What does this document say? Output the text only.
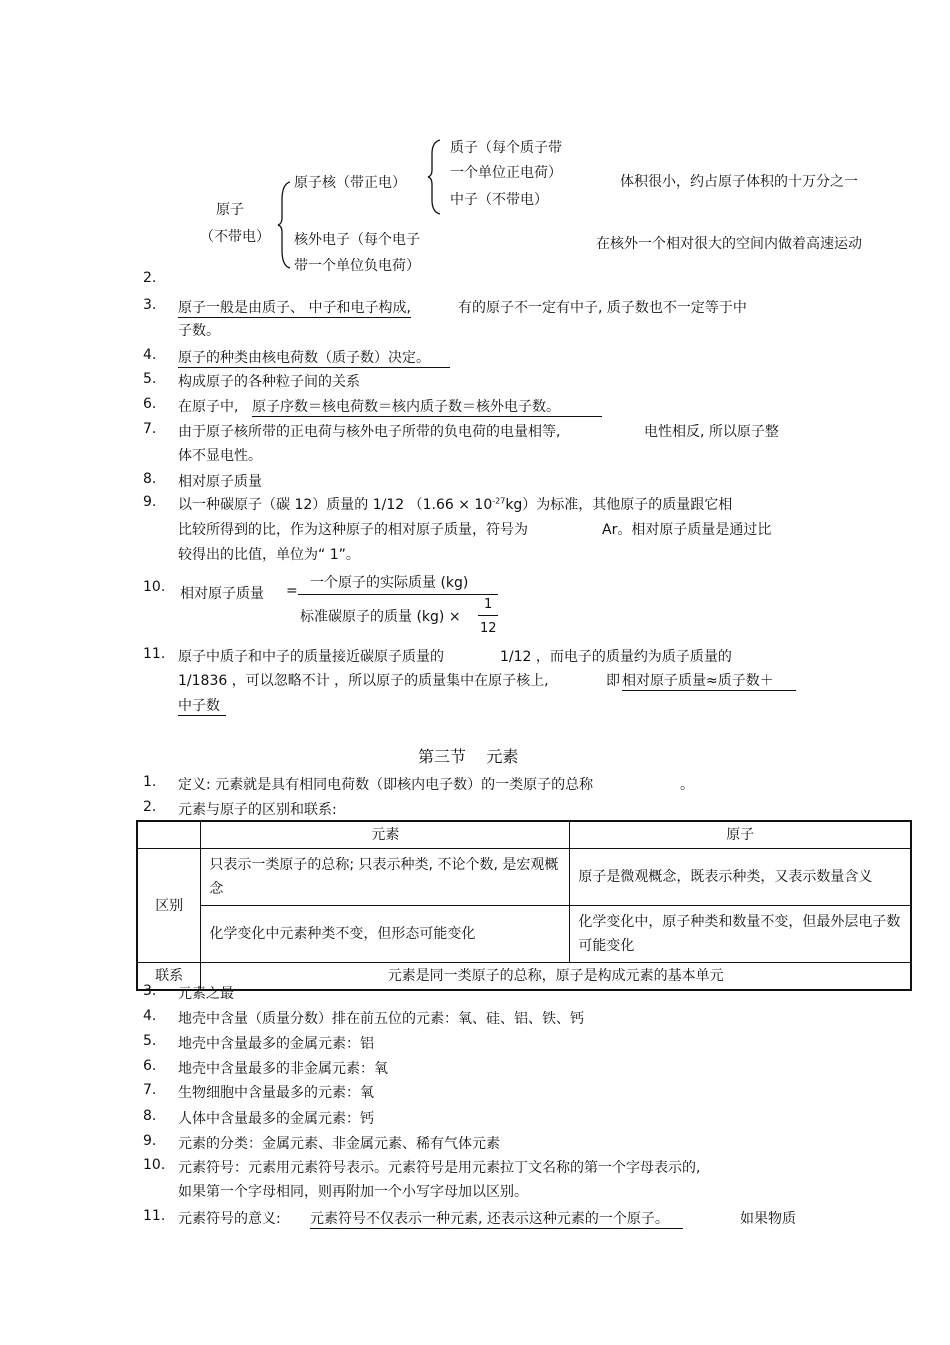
原子
（不带电）
原子核（带正电）
质子（每个质子带
一个单位正电荷）
中子（不带电）
体积很小，约占原子体积的十万分之一
核外电子（每个电子
带一个单位负电荷）
在核外一个相对很大的空间内做着高速运动
2.
3. 原子一般是由质子、 中子和电子构成,	有的原子不一定有中子, 质子数也不一定等于中
子数。
4. 原子的种类由核电荷数（质子数）决定。
5. 构成原子的各种粒子间的关系
6. 在原子中, 原子序数＝核电荷数＝核内质子数＝核外电子数。
7. 由于原子核所带的正电荷与核外电子所带的负电荷的电量相等,	电性相反, 所以原子整
体不显电性。
8. 相对原子质量
9. 以一种碳原子（碳 12）质量的 1/12 $(1.66 \times 10^{-27}kg)$为标准，其他原子的质量跟它相
比较所得到的比，作为这种原子的相对原子质量，符号为	Ar。相对原子质量是通过比
较得出的比值，单位为“ 1”。
10. 相对原子质量 = 一个原子的实际质量 (kg)
标准碳原子的质量 (kg) ×
1
12
11. 原子中质子和中子的质量接近碳原子质量的	1/12 ，而电子的质量约为质子质量的
1/1836 ，可以忽略不计 ，所以原子的质量集中在原子核上,	即 相对原子质量≈质子数＋
中子数
第三节    元素
1. 定义: 元素就是具有相同电荷数（即核内电子数）的一类原子的总称	。
2. 元素与原子的区别和联系:
	元素	原子
区别	只表示一类原子的总称; 只表示种类, 不论个数, 是宏观概念	原子是微观概念，既表示种类，又表示数量含义
	化学变化中元素种类不变，但形态可能变化	化学变化中，原子种类和数量不变，但最外层电子数可能变化
联系	元素是同一类原子的总称，原子是构成元素的基本单元	
3. 元素之最
4. 地壳中含量（质量分数）排在前五位的元素：氧、硅、铝、铁、钙
5. 地壳中含量最多的金属元素：铝
6. 地壳中含量最多的非金属元素：氧
7. 生物细胞中含量最多的元素：氧
8. 人体中含量最多的金属元素：钙
9. 元素的分类：金属元素、非金属元素、稀有气体元素
10. 元素符号：元素用元素符号表示。元素符号是用元素拉丁文名称的第一个字母表示的,
如果第一个字母相同，则再附加一个小写字母加以区别。
11. 元素符号的意义: 元素符号不仅表示一种元素, 还表示这种元素的一个原子。	如果物质
